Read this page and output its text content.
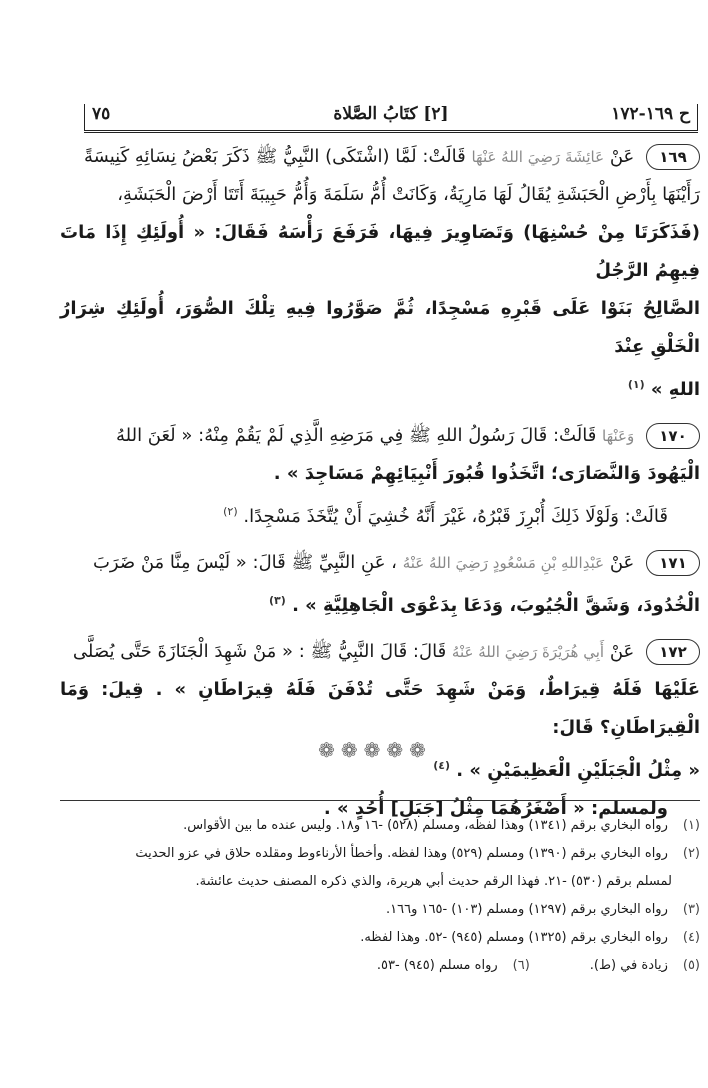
ح ١٦٩-١٧٢
[٢] كتَابُ الصَّلاة
٧٥
١٦٩ عَنْ عَائِشَةَ رَضِيَ اللهُ عَنْهَا قَالَتْ: لَمَّا (اشْتَكَى) النَّبِيُّ ﷺ ذَكَرَ بَعْضُ نِسَائِهِ كَنِيسَةً
رَأَيْنَهَا بِأَرْضِ الْحَبَشَةِ يُقَالُ لَهَا مَارِيَةُ، وَكَانَتْ أُمُّ سَلَمَةَ وَأُمُّ حَبِيبَةَ أَتَتَا أَرْضَ الْحَبَشَةِ،
(فَذَكَرَتَا مِنْ حُسْنِهَا) وَتَصَاوِيرَ فِيهَا، فَرَفَعَ رَأْسَهُ فَقَالَ: « أُولَئِكِ إِذَا مَاتَ فِيهِمُ الرَّجُلُ
الصَّالِحُ بَنَوْا عَلَى قَبْرِهِ مَسْجِدًا، ثُمَّ صَوَّرُوا فِيهِ تِلْكَ الصُّوَرَ، أُولَئِكِ شِرَارُ الْخَلْقِ عِنْدَ
اللهِ » $^{(١)}$
١٧٠ وَعَنْهَا قَالَتْ: قَالَ رَسُولُ اللهِ ﷺ فِي مَرَضِهِ الَّذِي لَمْ يَقُمْ مِنْهُ: « لَعَنَ اللهُ
الْيَهُودَ وَالنَّصَارَى؛ اتَّخَذُوا قُبُورَ أَنْبِيَائِهِمْ مَسَاجِدَ » .
قَالَتْ: وَلَوْلَا ذَلِكَ أُبْرِزَ قَبْرُهُ، غَيْرَ أَنَّهُ خُشِيَ أَنْ يُتَّخَذَ مَسْجِدًا. $^{(٢)}$
١٧١ عَنْ عَبْدِاللهِ بْنِ مَسْعُودٍ رَضِيَ اللهُ عَنْهُ ، عَنِ النَّبِيِّ ﷺ قَالَ: « لَيْسَ مِنَّا مَنْ ضَرَبَ
الْخُدُودَ، وَشَقَّ الْجُيُوبَ، وَدَعَا بِدَعْوَى الْجَاهِلِيَّةِ » . $^{(٣)}$
١٧٢ عَنْ أَبِي هُرَيْرَةَ رَضِيَ اللهُ عَنْهُ قَالَ: قَالَ النَّبِيُّ ﷺ : « مَنْ شَهِدَ الْجَنَازَةَ حَتَّى يُصَلَّى
عَلَيْهَا فَلَهُ قِيرَاطٌ، وَمَنْ شَهِدَ حَتَّى تُدْفَنَ فَلَهُ قِيرَاطَانِ » . قِيلَ: وَمَا الْقِيرَاطَانِ؟ قَالَ:
« مِثْلُ الْجَبَلَيْنِ الْعَظِيمَيْنِ » . $^{(٤)}$
ولمسلم: « أَصْغَرُهُمَا مِثْلُ [جَبَلِ] أُحُدٍ » .
❁❁❁❁❁
(١) رواه البخاري برقم (١٣٤١) وهذا لفظه، ومسلم (٥٢٨) -١٦ و١٨. وليس عنده ما بين الأقواس.
(٢) رواه البخاري برقم (١٣٩٠) ومسلم (٥٢٩) وهذا لفظه. وأخطأ الأرناءوط ومقلده حلاق في عزو الحديث
لمسلم برقم (٥٣٠) -٢١. فهذا الرقم حديث أبي هريرة، والذي ذكره المصنف حديث عائشة.
(٣) رواه البخاري برقم (١٢٩٧) ومسلم (١٠٣) -١٦٥ و١٦٦.
(٤) رواه البخاري برقم (١٣٢٥) ومسلم (٩٤٥) -٥٢. وهذا لفظه.
(٥) زيادة في (ط).
(٦) رواه مسلم (٩٤٥) -٥٣.
